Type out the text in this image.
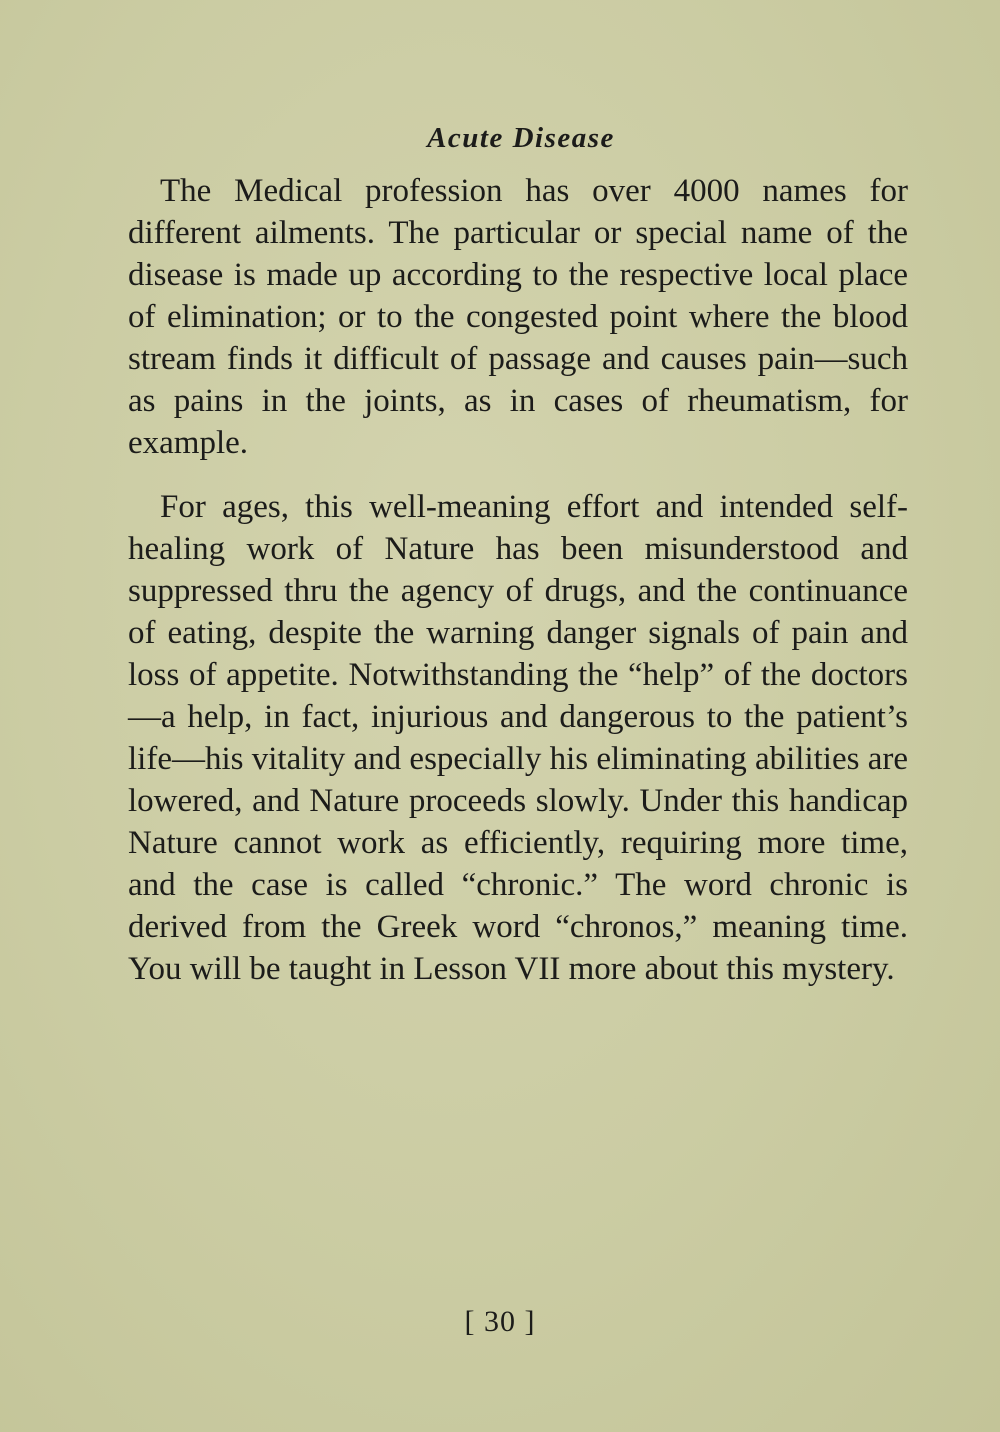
Acute Disease

The Medical profession has over 4000 names for different ailments. The particular or special name of the disease is made up according to the respective local place of elimination; or to the congested point where the blood stream finds it difficult of passage and causes pain—such as pains in the joints, as in cases of rheumatism, for example.

For ages, this well-meaning effort and intended self-healing work of Nature has been misunderstood and suppressed thru the agency of drugs, and the continuance of eating, despite the warning danger signals of pain and loss of appetite. Notwithstanding the “help” of the doctors—a help, in fact, injurious and dangerous to the patient’s life—his vitality and especially his eliminating abilities are lowered, and Nature proceeds slowly. Under this handicap Nature cannot work as efficiently, requiring more time, and the case is called “chronic.” The word chronic is derived from the Greek word “chronos,” meaning time. You will be taught in Lesson VII more about this mystery.

[ 30 ]
